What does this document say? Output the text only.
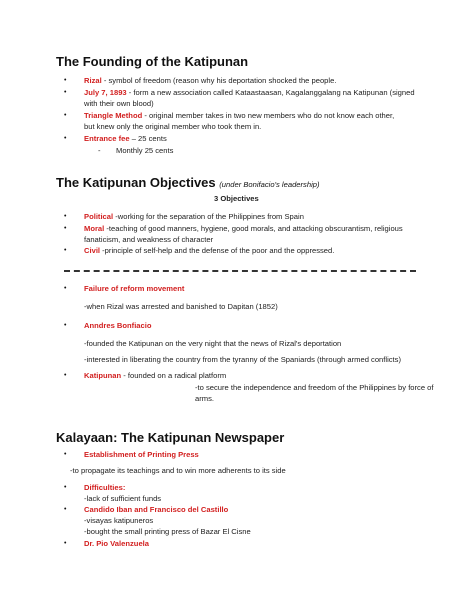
The Founding of the Katipunan
• Rizal - symbol of freedom (reason why his deportation shocked the people.
• July 7, 1893 - form a new association called Kataastaasan, Kagalanggalang na Katipunan (signed
with their own blood)
• Triangle Method - original member takes in two new members who do not know each other,
but knew only the original member who took them in.
• Entrance fee – 25 cents
- Monthly 25 cents
The Katipunan Objectives (under Bonifacio's leadership)
3 Objectives
• Political -working for the separation of the Philippines from Spain
• Moral -teaching of good manners, hygiene, good morals, and attacking obscurantism, religious
fanaticism, and weakness of character
• Civil -principle of self-help and the defense of the poor and the oppressed.
• Failure of reform movement
-when Rizal was arrested and banished to Dapitan (1852)
• Anndres Bonfiacio
-founded the Katipunan on the very night that the news of Rizal's deportation
-interested in liberating the country from the tyranny of the Spaniards (through armed conflicts)
• Katipunan - founded on a radical platform
-to secure the independence and freedom of the Philippines by force of
arms.
Kalayaan: The Katipunan Newspaper
• Establishment of Printing Press
-to propagate its teachings and to win more adherents to its side
• Difficulties:
-lack of sufficient funds
• Candido Iban and Francisco del Castillo
-visayas katipuneros
-bought the small printing press of Bazar El Cisne
• Dr. Pio Valenzuela
